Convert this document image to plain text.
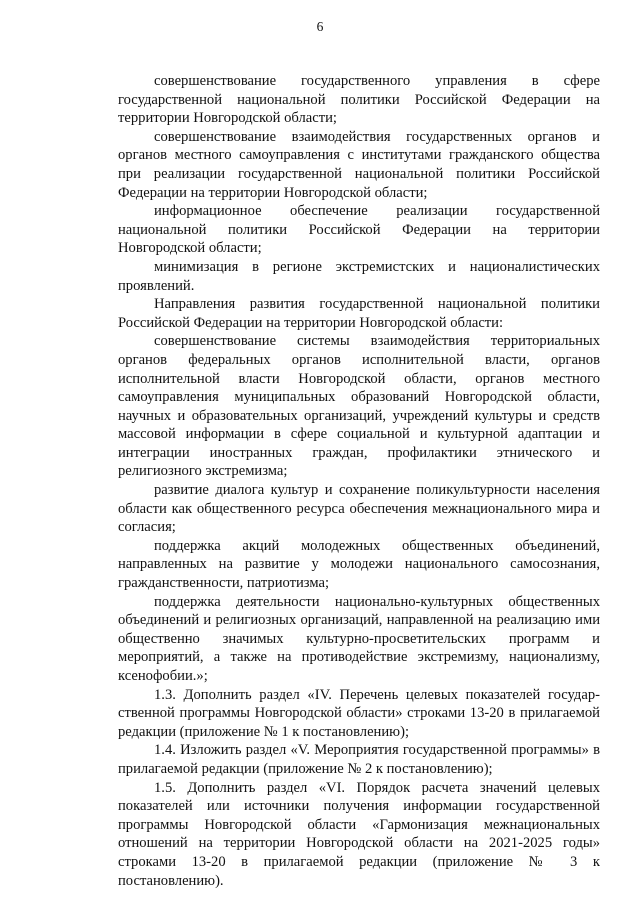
6

совершенствование государственного управления в сфере государственной национальной политики Российской Федерации на территории Новгородской области;

совершенствование взаимодействия государственных органов и органов местного самоуправления с институтами гражданского общества при реализации государственной национальной политики Российской Федерации на территории Новгородской области;

информационное обеспечение реализации государственной национальной политики Российской Федерации на территории Новгородской области;

минимизация в регионе экстремистских и националистических проявлений.

Направления развития государственной национальной политики Российской Федерации на территории Новгородской области:

совершенствование системы взаимодействия территориальных органов федеральных органов исполнительной власти, органов исполнительной власти Новгородской области, органов местного самоуправления муниципальных образований Новгородской области, научных и образовательных организаций, учреждений культуры и средств массовой информации в сфере социальной и культурной адаптации и интеграции иностранных граждан, профилактики этнического и религиозного экстремизма;

развитие диалога культур и сохранение поликультурности населения области как общественного ресурса обеспечения межнационального мира и согласия;

поддержка акций молодежных общественных объединений, направленных на развитие у молодежи национального самосознания, гражданственности, патриотизма;

поддержка деятельности национально-культурных общественных объединений и религиозных организаций, направленной на реализацию ими общественно значимых культурно-просветительских программ и мероприятий, а также на противодействие экстремизму, национализму, ксенофобии.»;

1.3. Дополнить раздел «IV. Перечень целевых показателей государственной программы Новгородской области» строками 13-20 в прилагаемой редакции (приложение № 1 к постановлению);

1.4. Изложить раздел «V. Мероприятия государственной программы» в прилагаемой редакции (приложение № 2 к постановлению);

1.5. Дополнить раздел «VI. Порядок расчета значений целевых показателей или источники получения информации государственной программы Новгородской области «Гармонизация межнациональных отношений на территории Новгородской области на 2021-2025 годы» строками 13-20 в прилагаемой редакции (приложение № 3 к постановлению).
